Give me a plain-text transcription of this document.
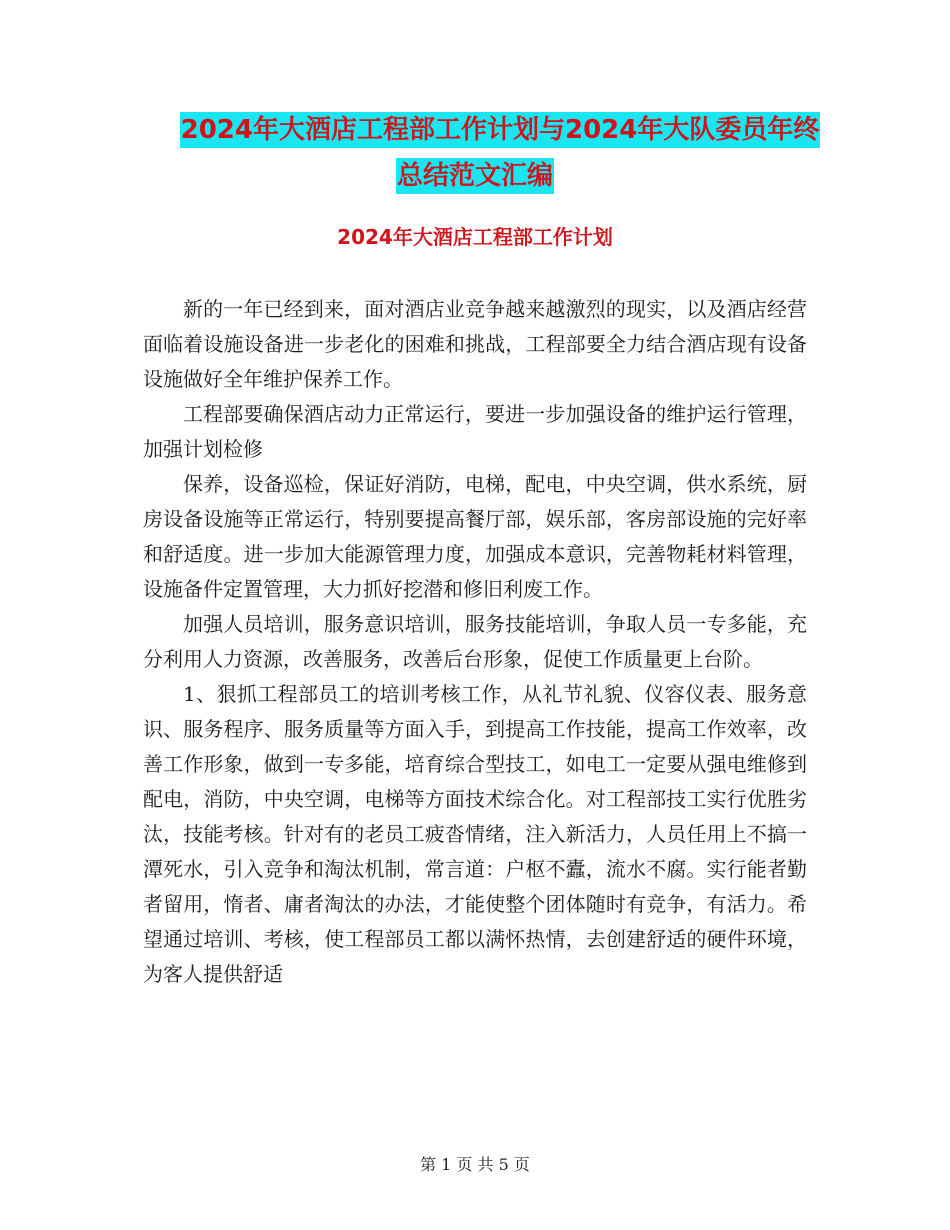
2024年大酒店工程部工作计划与2024年大队委员年终
总结范文汇编
2024年大酒店工程部工作计划

新的一年已经到来，面对酒店业竞争越来越激烈的现实，以及酒店经营面临着设施设备进一步老化的困难和挑战，工程部要全力结合酒店现有设备设施做好全年维护保养工作。

工程部要确保酒店动力正常运行，要进一步加强设备的维护运行管理，加强计划检修

保养，设备巡检，保证好消防，电梯，配电，中央空调，供水系统，厨房设备设施等正常运行，特别要提高餐厅部，娱乐部，客房部设施的完好率和舒适度。进一步加大能源管理力度，加强成本意识，完善物耗材料管理，设施备件定置管理，大力抓好挖潜和修旧利废工作。

加强人员培训，服务意识培训，服务技能培训，争取人员一专多能，充分利用人力资源，改善服务，改善后台形象，促使工作质量更上台阶。

1、狠抓工程部员工的培训考核工作，从礼节礼貌、仪容仪表、服务意识、服务程序、服务质量等方面入手，到提高工作技能，提高工作效率，改善工作形象，做到一专多能，培育综合型技工，如电工一定要从强电维修到配电，消防，中央空调，电梯等方面技术综合化。对工程部技工实行优胜劣汰，技能考核。针对有的老员工疲沓情绪，注入新活力，人员任用上不搞一潭死水，引入竞争和淘汰机制，常言道：户枢不蠹，流水不腐。实行能者勤者留用，惰者、庸者淘汰的办法，才能使整个团体随时有竞争，有活力。希望通过培训、考核，使工程部员工都以满怀热情，去创建舒适的硬件环境，为客人提供舒适

第 1 页 共 5 页
